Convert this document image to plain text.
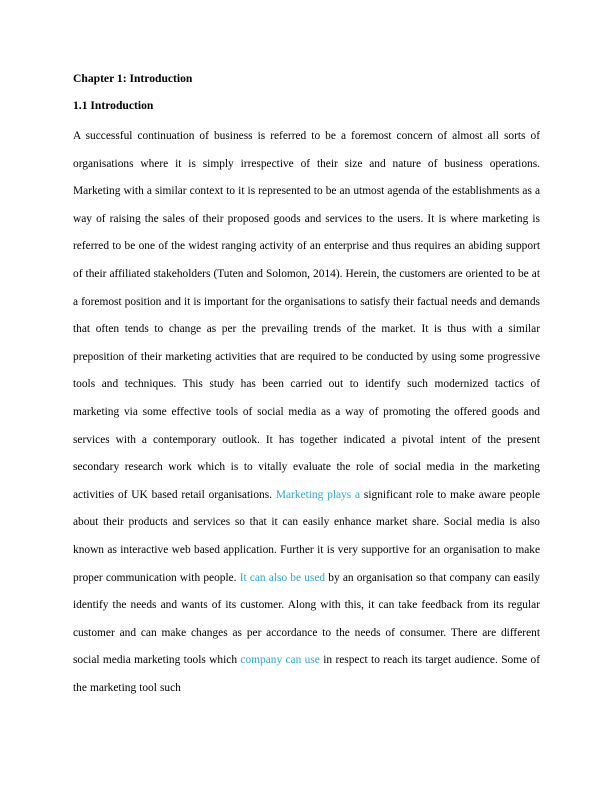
Chapter 1: Introduction

1.1 Introduction

A successful continuation of business is referred to be a foremost concern of almost all sorts of organisations where it is simply irrespective of their size and nature of business operations. Marketing with a similar context to it is represented to be an utmost agenda of the establishments as a way of raising the sales of their proposed goods and services to the users. It is where marketing is referred to be one of the widest ranging activity of an enterprise and thus requires an abiding support of their affiliated stakeholders (Tuten and Solomon, 2014). Herein, the customers are oriented to be at a foremost position and it is important for the organisations to satisfy their factual needs and demands that often tends to change as per the prevailing trends of the market. It is thus with a similar preposition of their marketing activities that are required to be conducted by using some progressive tools and techniques. This study has been carried out to identify such modernized tactics of marketing via some effective tools of social media as a way of promoting the offered goods and services with a contemporary outlook. It has together indicated a pivotal intent of the present secondary research work which is to vitally evaluate the role of social media in the marketing activities of UK based retail organisations. Marketing plays a significant role to make aware people about their products and services so that it can easily enhance market share. Social media is also known as interactive web based application. Further it is very supportive for an organisation to make proper communication with people. It can also be used by an organisation so that company can easily identify the needs and wants of its customer. Along with this, it can take feedback from its regular customer and can make changes as per accordance to the needs of consumer. There are different social media marketing tools which company can use in respect to reach its target audience. Some of the marketing tool such
